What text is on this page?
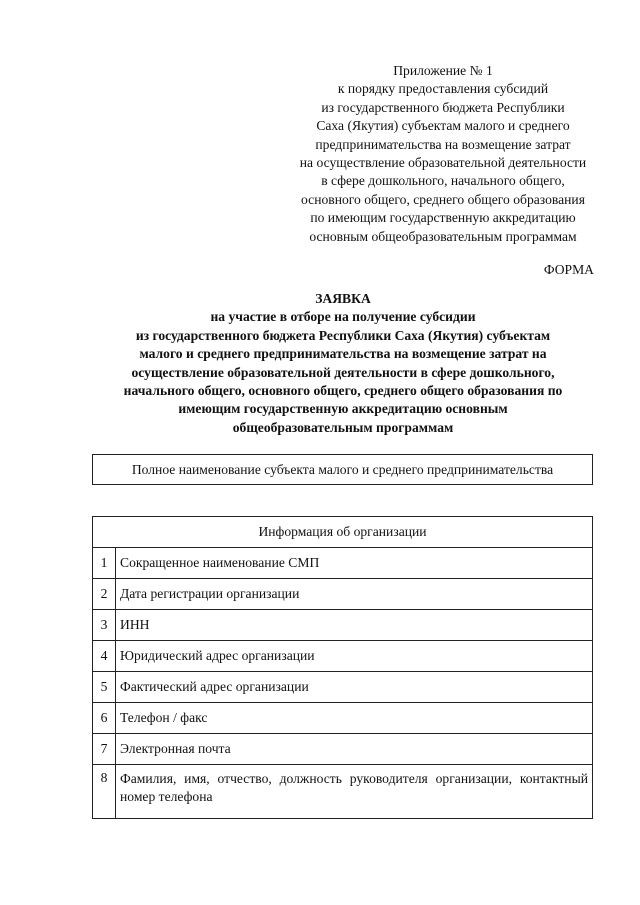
Приложение № 1
к порядку предоставления субсидий
из государственного бюджета Республики
Саха (Якутия) субъектам малого и среднего
предпринимательства на возмещение затрат
на осуществление образовательной деятельности
в сфере дошкольного, начального общего,
основного общего, среднего общего образования
по имеющим государственную аккредитацию
основным общеобразовательным программам
ФОРМА
ЗАЯВКА
на участие в отборе на получение субсидии
из государственного бюджета Республики Саха (Якутия) субъектам
малого и среднего предпринимательства на возмещение затрат на
осуществление образовательной деятельности в сфере дошкольного,
начального общего, основного общего, среднего общего образования по
имеющим государственную аккредитацию основным
общеобразовательным программам
Полное наименование субъекта малого и среднего предпринимательства
Информация об организации	
1	Сокращенное наименование СМП
2	Дата регистрации организации
3	ИНН
4	Юридический адрес организации
5	Фактический адрес организации
6	Телефон / факс
7	Электронная почта
8	Фамилия, имя, отчество, должность руководителя организации, контактный номер телефона
